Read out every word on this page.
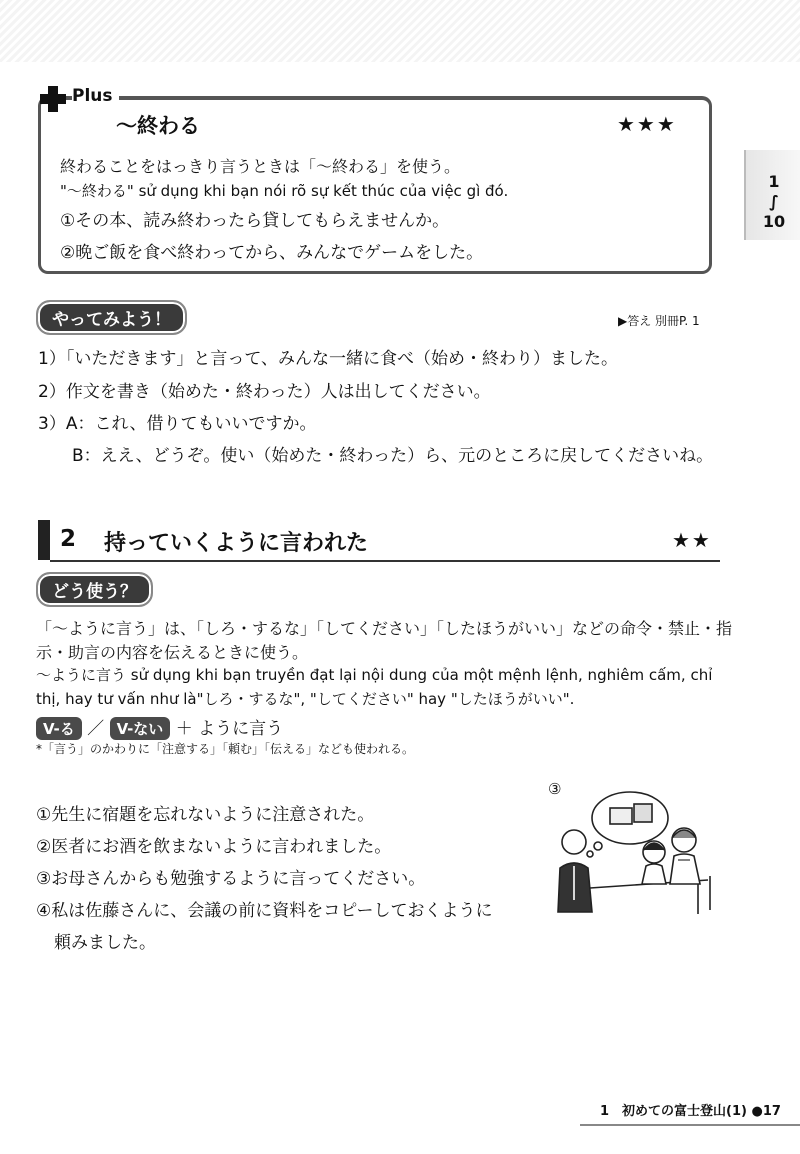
Plus
～終わる	★★★
終わることをはっきり言うときは「～終わる」を使う。
"～終わる" sử dụng khi bạn nói rõ sự kết thúc của việc gì đó.
①その本、読み終わったら貸してもらえませんか。
②晩ご飯を食べ終わってから、みんなでゲームをした。
1
∫
10
やってみよう！	▶答え 別冊P. 1
1）「いただきます」と言って、みんな一緒に食べ（始め・終わり）ました。
2）作文を書き（始めた・終わった）人は出してください。
3）A：これ、借りてもいいですか。
B：ええ、どうぞ。使い（始めた・終わった）ら、元のところに戻してくださいね。
2 持っていくように言われた	★★
どう使う？
「～ように言う」は、「しろ・するな」「してください」「したほうがいい」などの命令・禁止・指
示・助言の内容を伝えるときに使う。
～ように言う sử dụng khi bạn truyền đạt lại nội dung của một mệnh lệnh, nghiêm cấm, chỉ
thị, hay tư vấn như là"しろ・するな", "してください" hay "したほうがいい".
V-る ／ V-ない ＋ ように言う
*「言う」のかわりに「注意する」「頼む」「伝える」なども使われる。
①先生に宿題を忘れないように注意された。
②医者にお酒を飲まないように言われました。
③お母さんからも勉強するように言ってください。
④私は佐藤さんに、会議の前に資料をコピーしておくように
頼みました。
③
1　初めての富士登山(1) ●17
